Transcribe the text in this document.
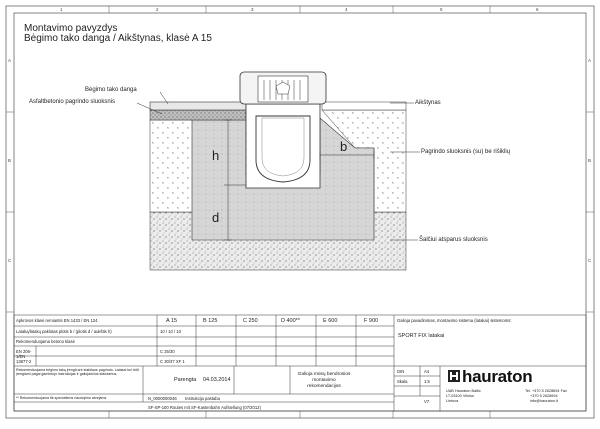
h
d
b
1	2	3	4	5	6
A
B
C
A
B
C
Montavimo pavyzdys
Bėgimo tako danga / Aikštynas, klasė A 15
Bėgimo tako danga
Asfaltbetonio pagrindo sluoksnis	Aikštynas
Pagrindo sluoksnis (su) be rišiklių
Šalčiui atsparus sluoksnis
Apkrovos klasė remiantis EN 1433 / EN 124	A 15	B 125	C 250	D 400**	E 600	F 900
Lataką/latakų paklotas plotis b / (plotis d / aukštis h)	10 / 10 / 10
Rekomenduojama betono klasė
EN 206-1/EN 13877-2
C 25/30
C 30/37 XF 1
Rekomenduojama bėgimo taką įrengti ant stabilaus pagrindo. Latakai turi būti įrengiami pagal gamintojo instrukcijas ir galiojančius standartus.
** Rekomenduojama tik specialiems naudojimo atvejams
Parengta 04.03.2014
Galioja mūsų bendrosios montavimo rekomendacijos
N_0000000046 Instrukcija pastaba
SF-SP-100 Routes mit SF-Kastenbahn Aufstellung (07/2012)
Galioja pavadinimas, montavimo sistema (latakai) sistemoms:
SPORT FIX latakai
DIN	A4
Skala	1:5
V7
hauraton
UAB Hauraton Baltic
LT-03100 Vilnius
Lietuva
Tel. +370 5 2628694 Fax
+370 5 2628694
info@hauraton.lt
